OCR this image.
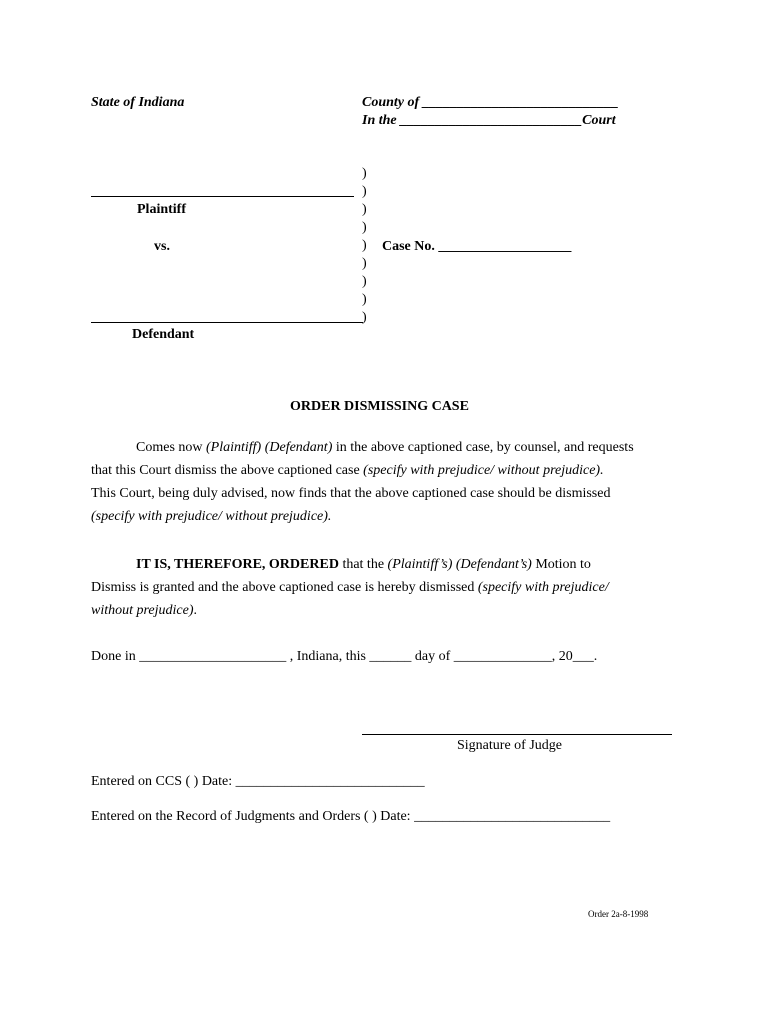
State of Indiana	County of ____________________________
In the __________________________Court
Plaintiff
vs.
Defendant
)
)
)
)
)
)
)
)
)
Case No. ___________________
ORDER DISMISSING CASE
Comes now (Plaintiff) (Defendant) in the above captioned case, by counsel, and requests
that this Court dismiss the above captioned case (specify with prejudice/ without prejudice).
This Court, being duly advised, now finds that the above captioned case should be dismissed
(specify with prejudice/ without prejudice).
IT IS, THEREFORE, ORDERED that the (Plaintiff’s) (Defendant’s) Motion to
Dismiss is granted and the above captioned case is hereby dismissed (specify with prejudice/
without prejudice).
Done in _____________________ , Indiana, this ______ day of ______________, 20___.
Signature of Judge
Entered on CCS ( ) Date: ___________________________
Entered on the Record of Judgments and Orders ( ) Date: ____________________________
Order 2a-8-1998
